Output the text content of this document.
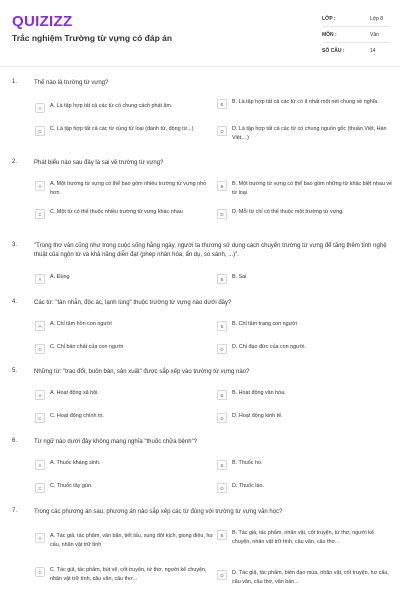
QUIZIZZ
Trắc nghiệm Trường từ vựng có đáp án
LỚP :	Lớp 8
MÔN :	Văn
SỐ CÂU :	14
1.	Thế nào là trường từ vựng?
A	A. Là tập hợp tất cả các từ có chung cách phát âm.	B	B. Là tập hợp tất cả các từ có ít nhất một nét chung về nghĩa.
C	C. Là tập hợp tất cả các từ cùng từ loại (danh từ, động từ,..)	D	D. Là tập hợp tất cả các từ có chung nguồn gốc (thuần Việt, Hán Việt,...)
2.	Phát biểu nào sau đây là sai về trường từ vựng?
A	A. Một trường từ vựng có thể bao gồm nhiều trường từ vựng nhỏ hơn.
B	B. Một trường từ vựng có thể bao gồm những từ khác biệt nhau về từ loại
C	C. Một từ có thể thuộc nhiều trường từ vựng khác nhau	D	D. Mỗi từ chỉ có thể thuộc một trường từ vựng.
3.	"Trong thơ văn cũng như trong cuộc sống hằng ngày, người ta thương sử dụng cách chuyển trường từ vựng để tăng thêm tính nghệ thuật của ngôn từ và khả năng diễn đạt (phép nhân hóa, ẩn dụ, so sánh, ...)".
A	A. Đúng	B	B. Sai
4.	Các từ: "tàn nhẫn, độc ác, lạnh lùng" thuộc trường từ vựng nào dưới đây?
A	A. Chỉ tâm hồn con người	B	B. Chỉ tâm trạng con người
C	C. Chỉ bản chất của con người	D	D. Chỉ đạo đức của con người.
5.	Những từ: "trao đổi, buôn bán, sản xuất" được sắp xếp vào trường từ vựng nào?
A	A. Hoạt động xã hội.	B	B. Hoạt động văn hóa.
C	C. Hoạt động chính trị.	D	D. Hoạt động kinh tế.
6.	Từ ngữ nào dưới đây không mang nghĩa "thuốc chữa bệnh"?
A	A. Thuốc kháng sinh.	B	B. Thuốc ho.
C	C. Thuốc tây gún.	D	D. Thuốc lào.
7.	Trong các phương án sau, phương án nào sắp xếp các từ đúng với trường từ vựng văn học?
A	A. Tác giả, tác phẩm, văn bản, tiết tấu, xung đột kịch, giọng điệu, hư cấu, nhân vật trữ tình
B	B. Tác giả, tác phẩm, nhân vật, cốt truyện, tứ thơ, người kể chuyện, nhân vật trữ tình, câu văn, câu thơ...
C	C. Tác giả, tác phẩm, bút vẽ, cốt truyện, tứ thơ, người kể chuyện, nhân vật trữ tình, câu văn, câu thơ...
D	D. Tác giả, tác phẩm, biên đạo múa, nhân vật, cốt truyện, hư cấu, câu văn, câu thơ, văn bản...
